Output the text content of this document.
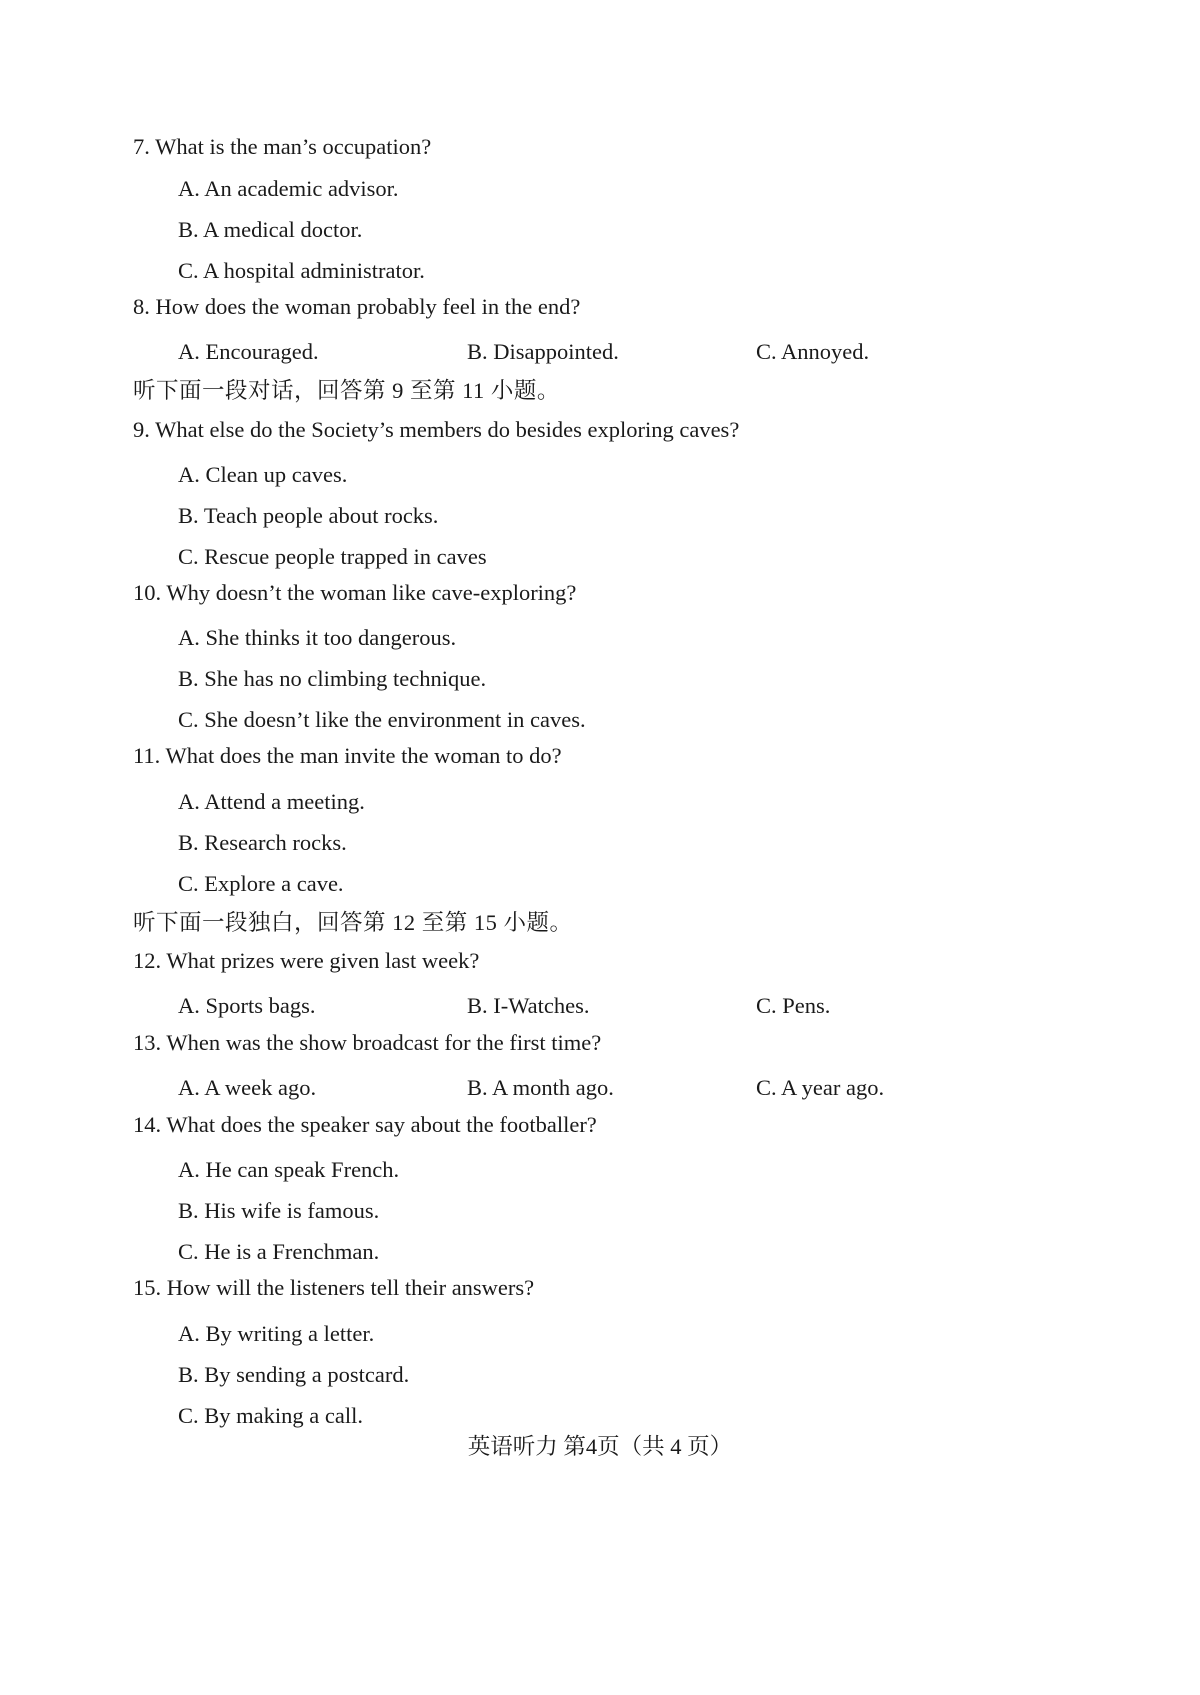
7. What is the man’s occupation?
A. An academic advisor.
B. A medical doctor.
C. A hospital administrator.
8. How does the woman probably feel in the end?
A. Encouraged.	B. Disappointed.	C. Annoyed.
听下面一段对话，回答第 9 至第 11 小题。
9. What else do the Society’s members do besides exploring caves?
A. Clean up caves.
B. Teach people about rocks.
C. Rescue people trapped in caves
10. Why doesn’t the woman like cave-exploring?
A. She thinks it too dangerous.
B. She has no climbing technique.
C. She doesn’t like the environment in caves.
11. What does the man invite the woman to do?
A. Attend a meeting.
B. Research rocks.
C. Explore a cave.
听下面一段独白，回答第 12 至第 15 小题。
12. What prizes were given last week?
A. Sports bags.	B. I-Watches.	C. Pens.
13. When was the show broadcast for the first time?
A. A week ago.	B. A month ago.	C. A year ago.
14. What does the speaker say about the footballer?
A. He can speak French.
B. His wife is famous.
C. He is a Frenchman.
15. How will the listeners tell their answers?
A. By writing a letter.
B. By sending a postcard.
C. By making a call.
英语听力 第4页（共 4 页）
